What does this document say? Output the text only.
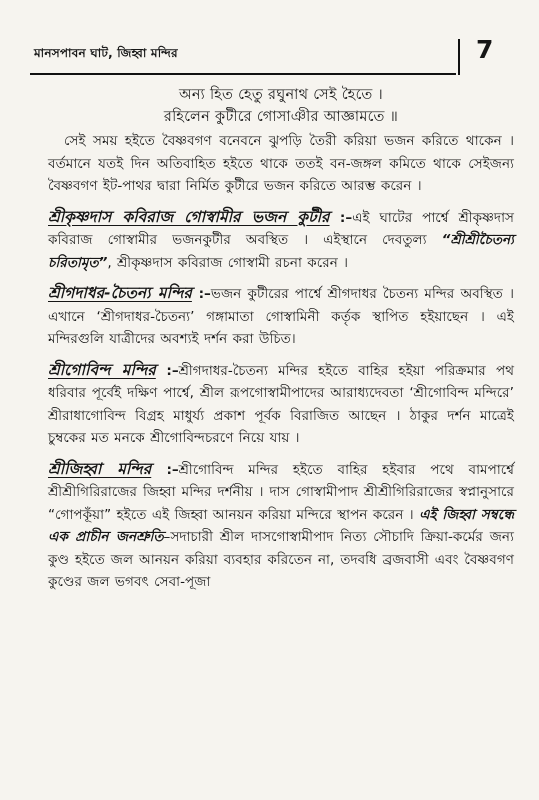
মানসপাবন ঘাট, জিহ্বা মন্দির	7
অন্য হিত হেতু রঘুনাথ সেই হৈতে ।
রহিলেন কুটীরে গোসাঞীর আজ্ঞামতে ॥

সেই সময় হইতে বৈষ্ণবগণ বনেবনে ঝুপড়ি তৈরী করিয়া ভজন করিতে থাকেন । বর্তমানে যতই দিন অতিবাহিত হইতে থাকে ততই বন-জঙ্গল কমিতে থাকে সেইজন্য বৈষ্ণবগণ ইট-পাথর দ্বারা নির্মিত কুটীরে ভজন করিতে আরম্ভ করেন ।

শ্রীকৃষ্ণদাস কবিরাজ গোস্বামীর ভজন কুটীর :–এই ঘাটের পার্শ্বে শ্রীকৃষ্ণদাস কবিরাজ গোস্বামীর ভজনকুটীর অবস্থিত । এইস্থানে দেবতুল্য “শ্রীশ্রীচৈতন্য চরিতামৃত”, শ্রীকৃষ্ণদাস কবিরাজ গোস্বামী রচনা করেন ।

শ্রীগদাধর-চৈতন্য মন্দির :–ভজন কুটীরের পার্শ্বে শ্রীগদাধর চৈতন্য মন্দির অবস্থিত । এখানে ‘শ্রীগদাধর-চৈতন্য’ গঙ্গামাতা গোস্বামিনী কর্তৃক স্থাপিত হইয়াছেন । এই মন্দিরগুলি যাত্রীদের অবশ্যই দর্শন করা উচিত।

শ্রীগোবিন্দ মন্দির :–শ্রীগদাধর-চৈতন্য মন্দির হইতে বাহির হইয়া পরিক্রমার পথ ধরিবার পূর্বেই দক্ষিণ পার্শ্বে, শ্রীল রূপগোস্বামীপাদের আরাধ্যদেবতা ‘শ্রীগোবিন্দ মন্দিরে’ শ্রীরাধাগোবিন্দ বিগ্রহ মাধুর্য্য প্রকাশ পূর্বক বিরাজিত আছেন । ঠাকুর দর্শন মাত্রেই চুম্বকের মত মনকে শ্রীগোবিন্দচরণে নিয়ে যায় ।

শ্রীজিহ্বা মন্দির :–শ্রীগোবিন্দ মন্দির হইতে বাহির হইবার পথে বামপার্শ্বে শ্রীশ্রীগিরিরাজের জিহ্বা মন্দির দর্শনীয় । দাস গোস্বামীপাদ শ্রীশ্রীগিরিরাজের স্বপ্নানুসারে “গোপকূঁয়া” হইতে এই জিহ্বা আনয়ন করিয়া মন্দিরে স্থাপন করেন । এই জিহ্বা সম্বন্ধে এক প্রাচীন জনশ্রুতি–সদাচারী শ্রীল দাসগোস্বামীপাদ নিত্য সৌচাদি ক্রিয়া-কর্মের জন্য কুণ্ড হইতে জল আনয়ন করিয়া ব্যবহার করিতেন না, তদবধি ব্রজবাসী এবং বৈষ্ণবগণ কুণ্ডের জল ভগবৎ সেবা-পূজা
